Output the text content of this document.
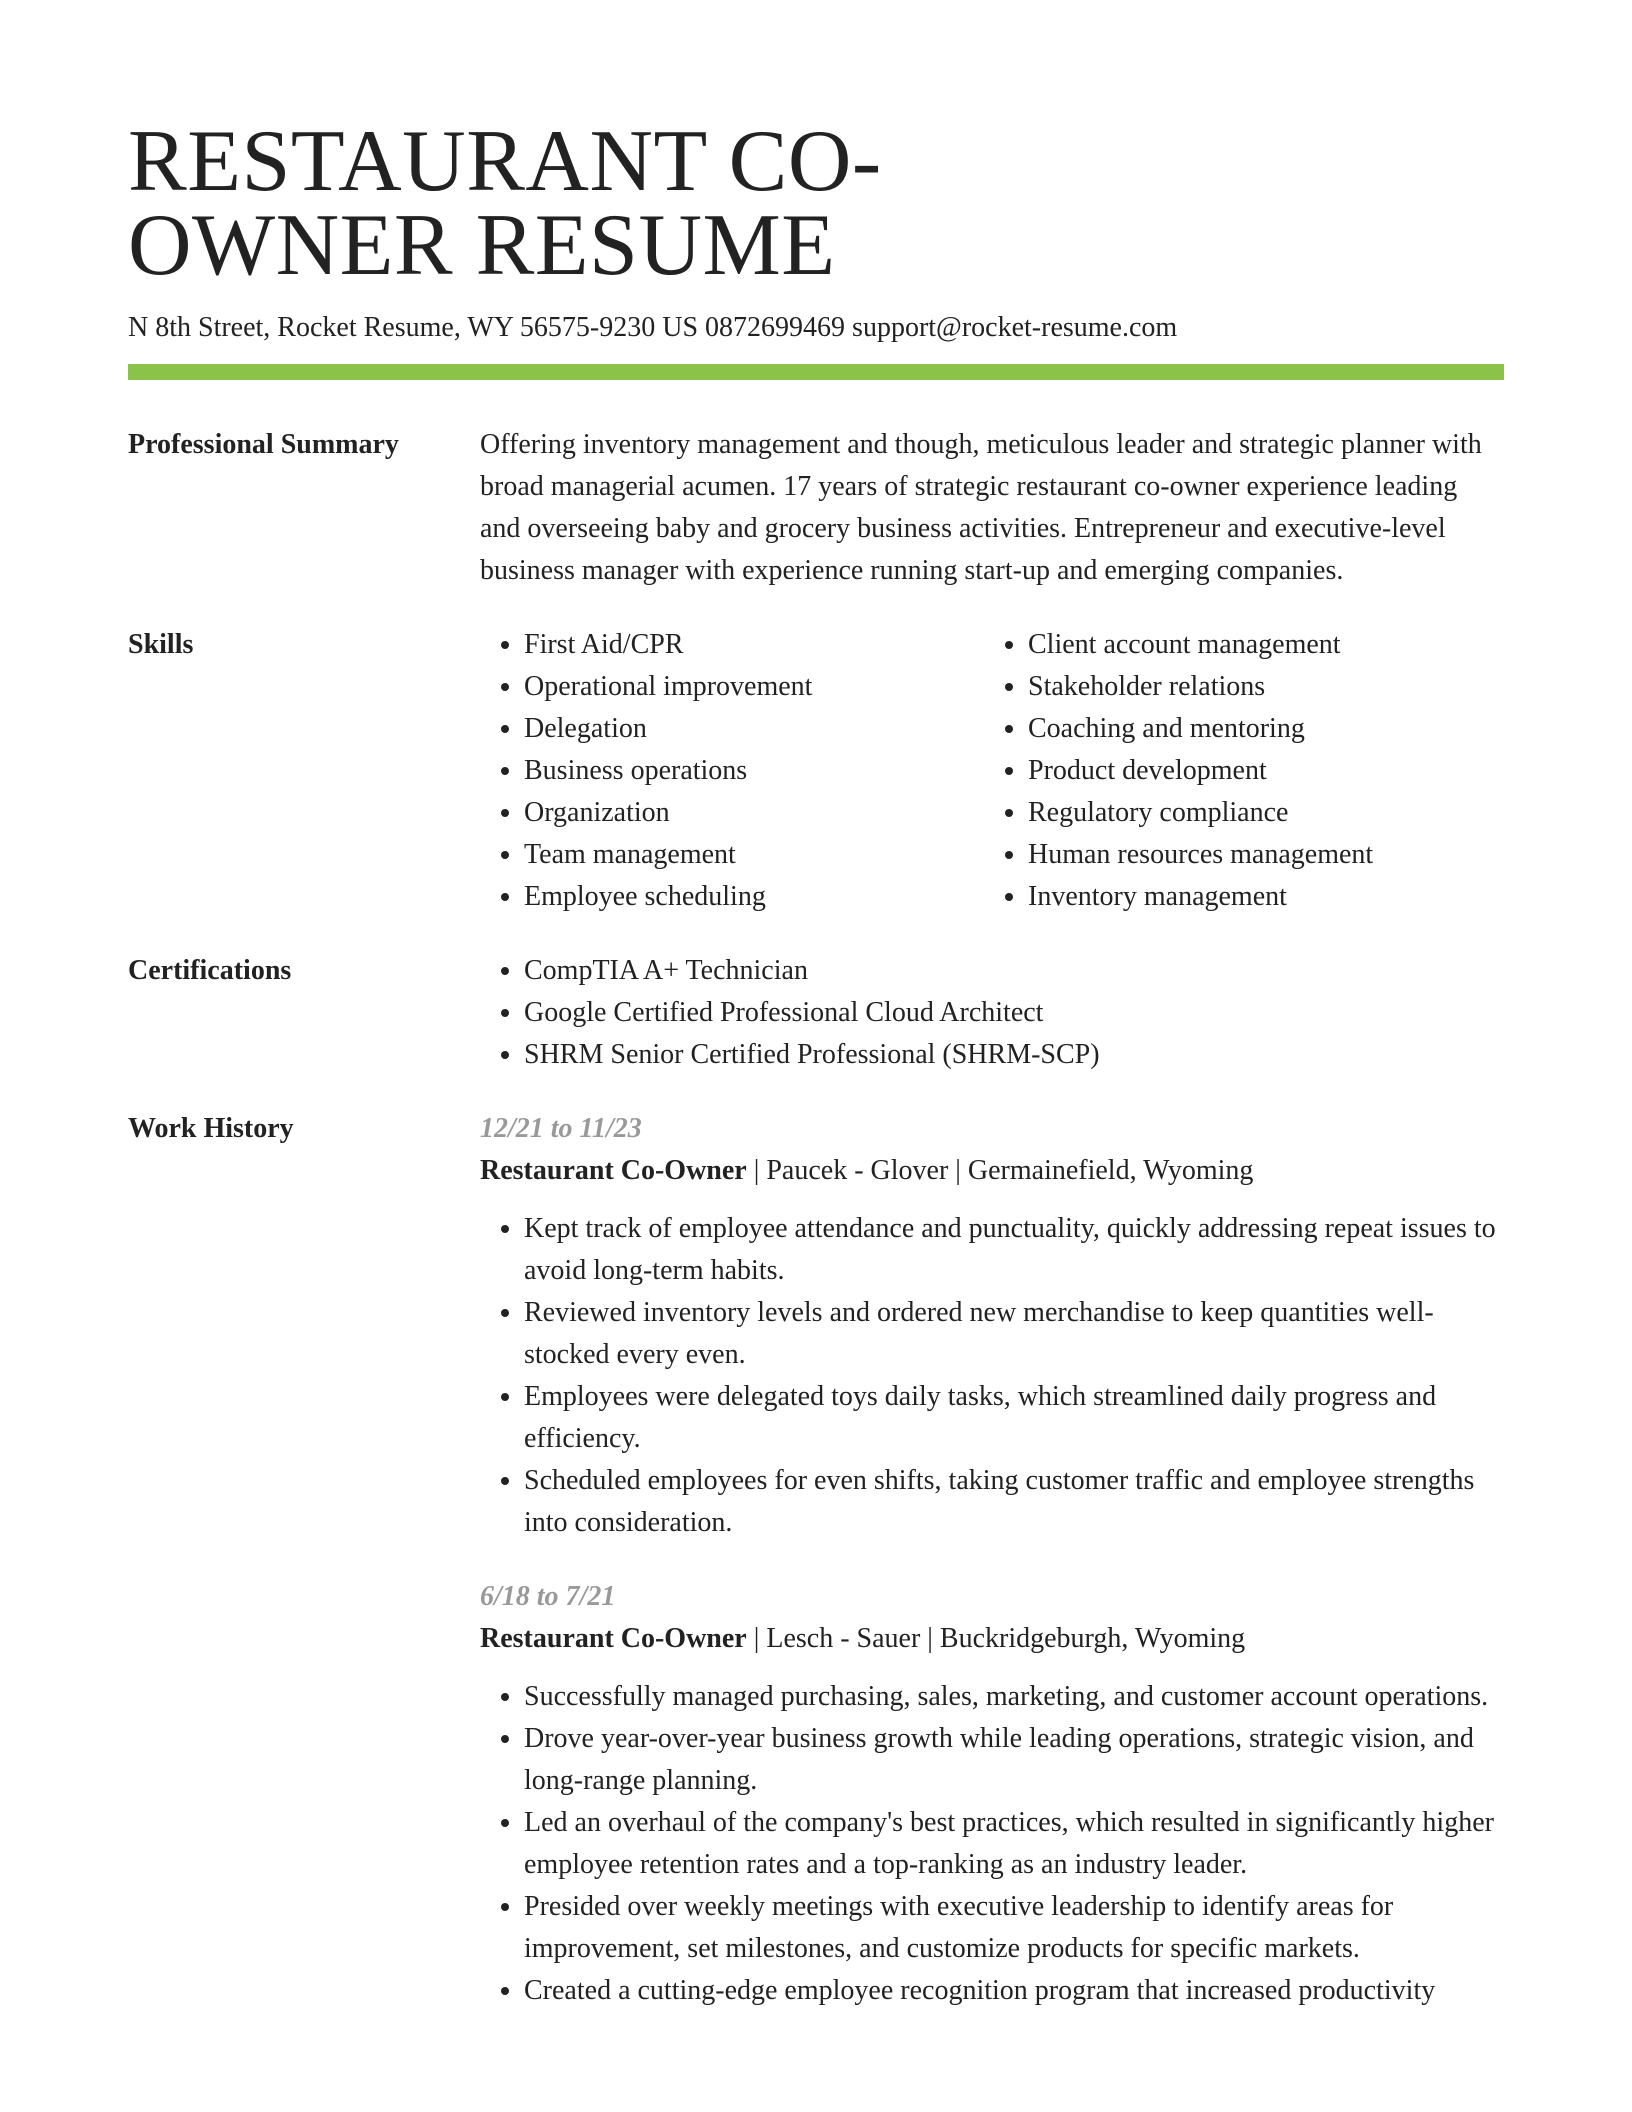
RESTAURANT CO-
OWNER RESUME
N 8th Street, Rocket Resume, WY 56575-9230 US 0872699469 support@rocket-resume.com
Professional Summary	Offering inventory management and though, meticulous leader and strategic planner with broad managerial acumen. 17 years of strategic restaurant co-owner experience leading and overseeing baby and grocery business activities. Entrepreneur and executive-level business manager with experience running start-up and emerging companies.
Skills	• First Aid/CPR
• Operational improvement
• Delegation
• Business operations
• Organization
• Team management
• Employee scheduling
• Client account management
• Stakeholder relations
• Coaching and mentoring
• Product development
• Regulatory compliance
• Human resources management
• Inventory management
Certifications	• CompTIA A+ Technician
• Google Certified Professional Cloud Architect
• SHRM Senior Certified Professional (SHRM-SCP)
Work History	12/21 to 11/23
Restaurant Co-Owner | Paucek - Glover | Germainefield, Wyoming
• Kept track of employee attendance and punctuality, quickly addressing repeat issues to avoid long-term habits.
• Reviewed inventory levels and ordered new merchandise to keep quantities well-stocked every even.
• Employees were delegated toys daily tasks, which streamlined daily progress and efficiency.
• Scheduled employees for even shifts, taking customer traffic and employee strengths into consideration.
6/18 to 7/21
Restaurant Co-Owner | Lesch - Sauer | Buckridgeburgh, Wyoming
• Successfully managed purchasing, sales, marketing, and customer account operations.
• Drove year-over-year business growth while leading operations, strategic vision, and long-range planning.
• Led an overhaul of the company's best practices, which resulted in significantly higher employee retention rates and a top-ranking as an industry leader.
• Presided over weekly meetings with executive leadership to identify areas for improvement, set milestones, and customize products for specific markets.
• Created a cutting-edge employee recognition program that increased productivity
